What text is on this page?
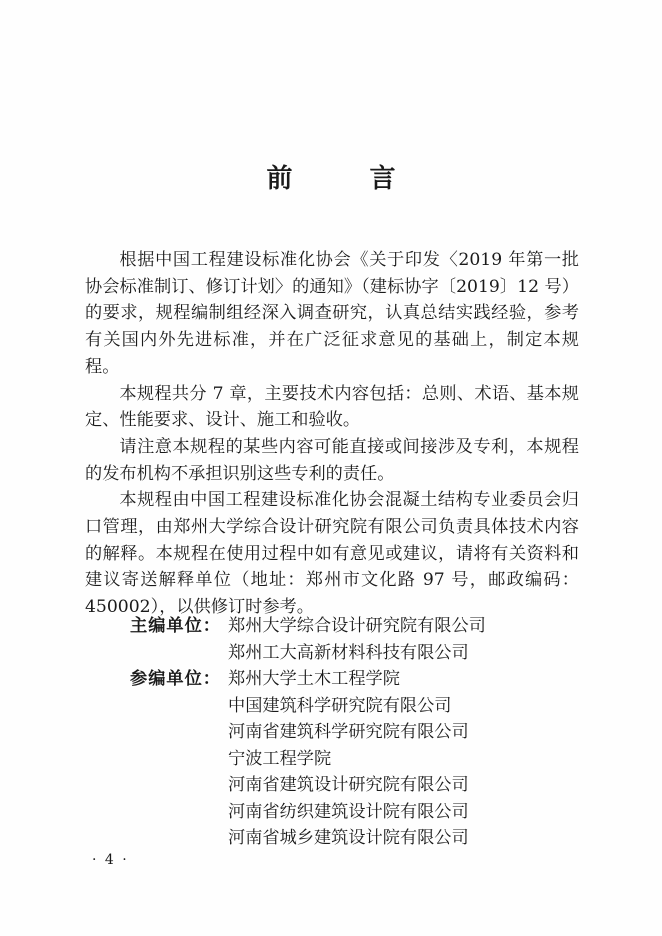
前 言

根据中国工程建设标准化协会《关于印发〈2019 年第一批协会标准制订、修订计划〉的通知》（建标协字〔2019〕12 号）的要求，规程编制组经深入调查研究，认真总结实践经验，参考有关国内外先进标准，并在广泛征求意见的基础上，制定本规程。

本规程共分 7 章，主要技术内容包括：总则、术语、基本规定、性能要求、设计、施工和验收。

请注意本规程的某些内容可能直接或间接涉及专利，本规程的发布机构不承担识别这些专利的责任。

本规程由中国工程建设标准化协会混凝土结构专业委员会归口管理，由郑州大学综合设计研究院有限公司负责具体技术内容的解释。本规程在使用过程中如有意见或建议，请将有关资料和建议寄送解释单位（地址：郑州市文化路 97 号，邮政编码：450002），以供修订时参考。

主编单位： 郑州大学综合设计研究院有限公司
郑州工大高新材料科技有限公司
参编单位： 郑州大学土木工程学院
中国建筑科学研究院有限公司
河南省建筑科学研究院有限公司
宁波工程学院
河南省建筑设计研究院有限公司
河南省纺织建筑设计院有限公司
河南省城乡建筑设计院有限公司
· 4 ·
